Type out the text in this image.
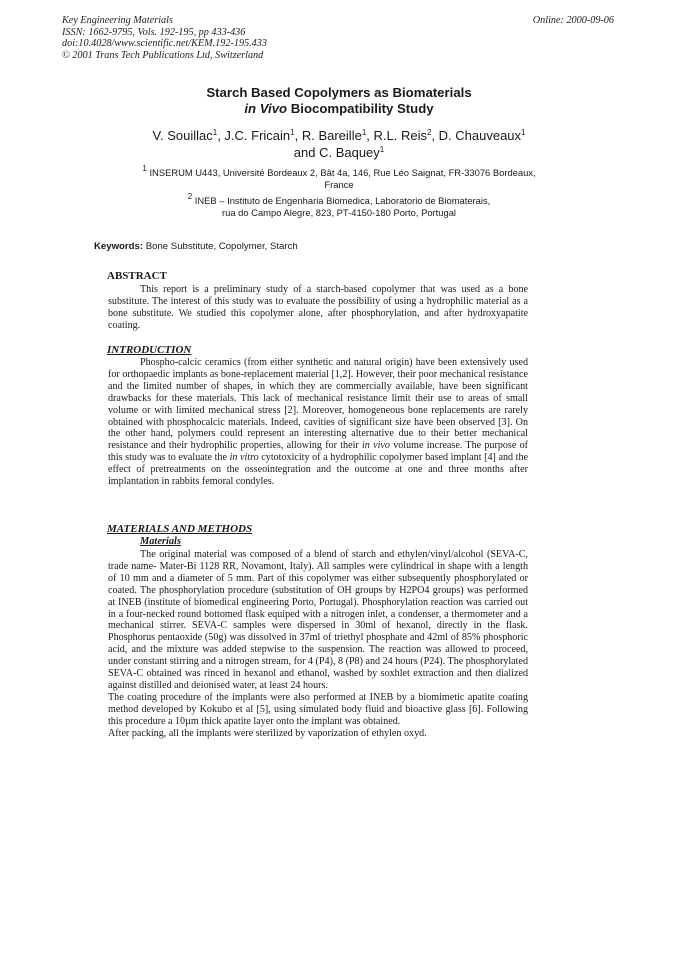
Key Engineering Materials
ISSN: 1662-9795, Vols. 192-195, pp 433-436
doi:10.4028/www.scientific.net/KEM.192-195.433
© 2001 Trans Tech Publications Ltd, Switzerland
Online: 2000-09-06
Starch Based Copolymers as Biomaterials
in Vivo Biocompatibility Study
V. Souillac$^1$, J.C. Fricain$^1$, R. Bareille$^1$, R.L. Reis$^2$, D. Chauveaux$^1$
and C. Baquey$^1$
$^1$ INSERUM U443, Université Bordeaux 2, Bât 4a, 146, Rue Léo Saignat, FR-33076 Bordeaux,
France
$^2$ INEB – Instituto de Engenharia Biomedica, Laboratorio de Biomaterais,
rua do Campo Alegre, 823, PT-4150-180 Porto, Portugal
Keywords: Bone Substitute, Copolymer, Starch
ABSTRACT

This report is a preliminary study of a starch-based copolymer that was used as a bone substitute. The interest of this study was to evaluate the possibility of using a hydrophilic material as a bone substitute. We studied this copolymer alone, after phosphorylation, and after hydroxyapatite coating.

INTRODUCTION

Phospho-calcic ceramics (from either synthetic and natural origin) have been extensively used for orthopaedic implants as bone-replacement material [1,2]. However, their poor mechanical resistance and the limited number of shapes, in which they are commercially available, have been significant drawbacks for these materials. This lack of mechanical resistance limit their use to areas of small volume or with limited mechanical stress [2]. Moreover, homogeneous bone replacements are rarely obtained with phosphocalcic materials. Indeed, cavities of significant size have been observed [3]. On the other hand, polymers could represent an interesting alternative due to their better mechanical resistance and their hydrophilic properties, allowing for their in vivo volume increase. The purpose of this study was to evaluate the in vitro cytotoxicity of a hydrophilic copolymer based implant [4] and the effect of pretreatments on the osseointegration and the outcome at one and three months after implantation in rabbits femoral condyles.

MATERIALS AND METHODS
Materials

The original material was composed of a blend of starch and ethylen/vinyl/alcohol (SEVA-C, trade name- Mater-Bi 1128 RR, Novamont, Italy). All samples were cylindrical in shape with a length of 10 mm and a diameter of 5 mm. Part of this copolymer was either subsequently phosphorylated or coated. The phosphorylation procedure (substitution of OH groups by H2PO4 groups) was performed at INEB (institute of biomedical engineering Porto, Portugal). Phosphorylation reaction was carried out in a four-necked round bottomed flask equiped with a nitrogen inlet, a condenser, a thermometer and a mechanical stirrer. SEVA-C samples were dispersed in 30ml of hexanol, directly in the flask. Phosphorus pentaoxide (50g) was dissolved in 37ml of triethyl phosphate and 42ml of 85% phosphoric acid, and the mixture was added stepwise to the suspension. The reaction was allowed to proceed, under constant stirring and a nitrogen stream, for 4 (P4), 8 (P8) and 24 hours (P24). The phosphorylated SEVA-C obtained was rinced in hexanol and ethanol, washed by soxhlet extraction and then dialized against distilled and deionised water, at least 24 hours.

The coating procedure of the implants were also performed at INEB by a biomimetic apatite coating method developed by Kokubo et al [5], using simulated body fluid and bioactive glass [6]. Following this procedure a 10µm thick apatite layer onto the implant was obtained.

After packing, all the implants were sterilized by vaporization of ethylen oxyd.
